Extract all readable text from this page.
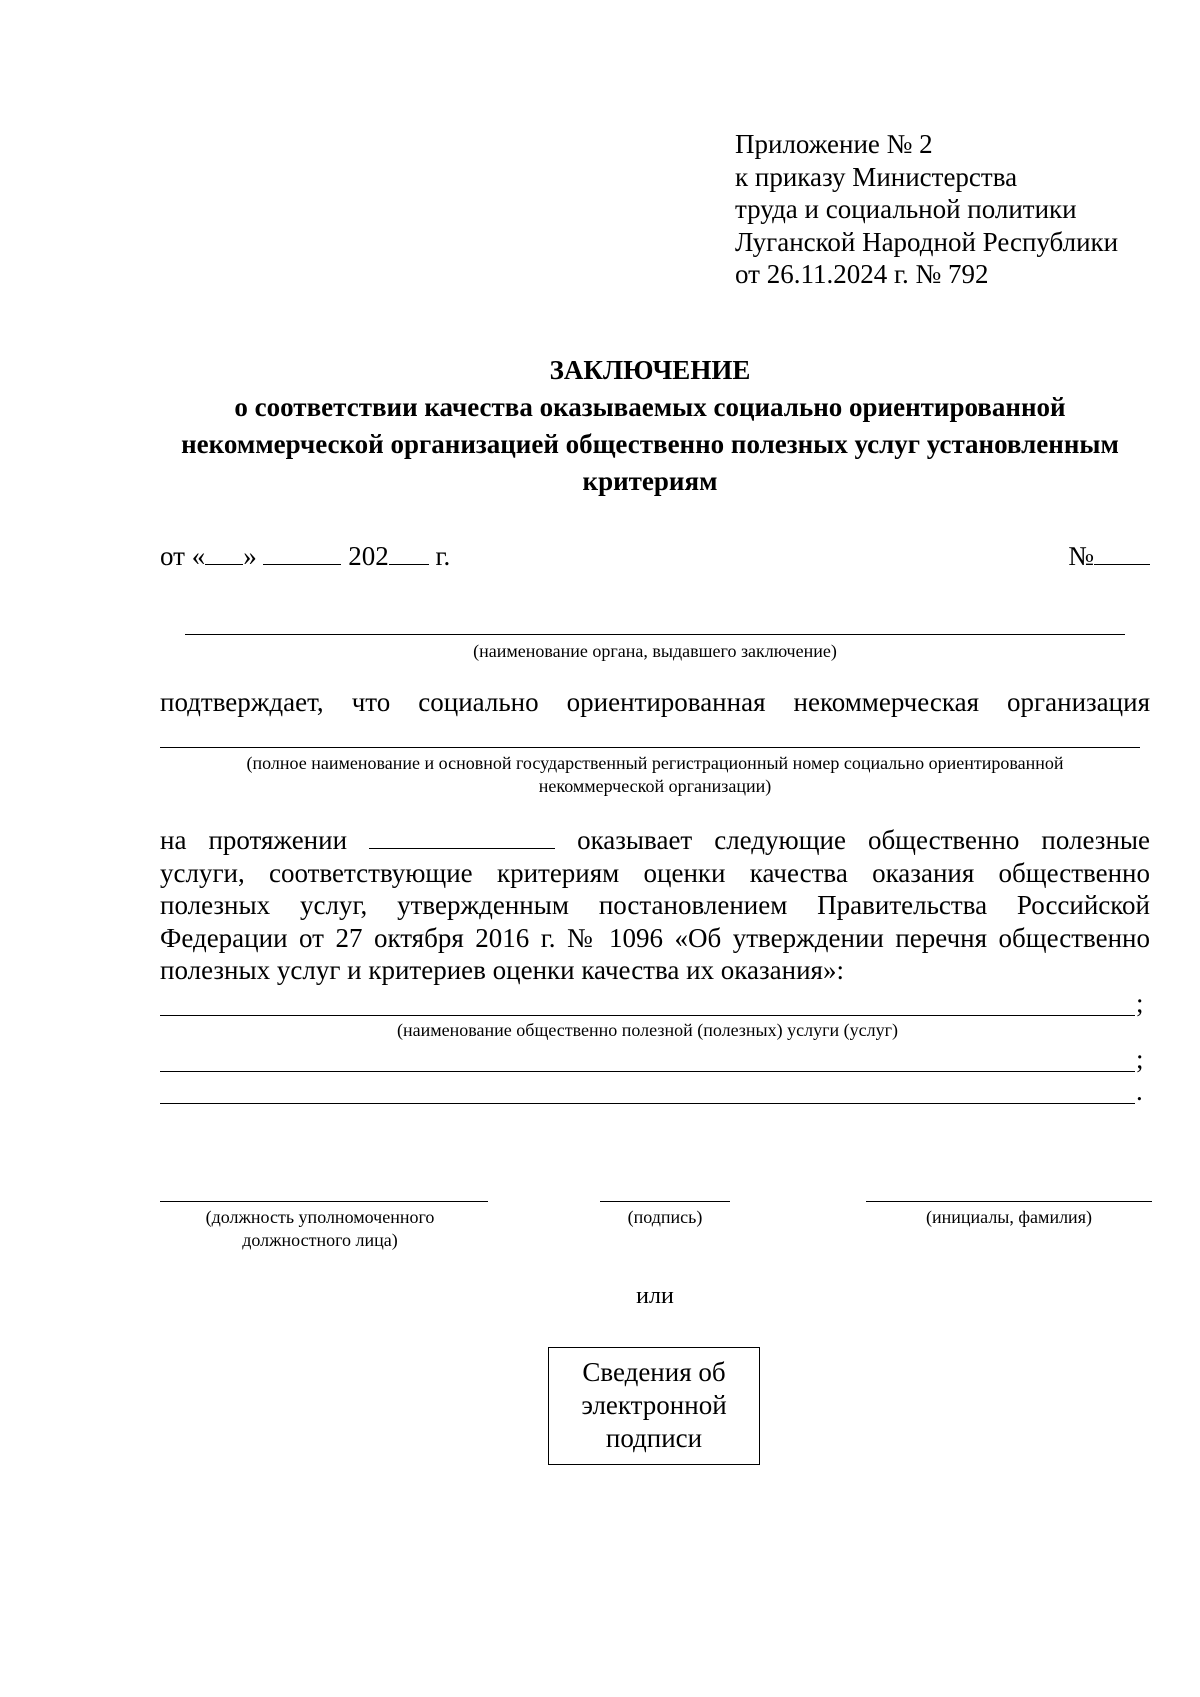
Приложение № 2
к приказу Министерства
труда и социальной политики
Луганской Народной Республики
от 26.11.2024 г. № 792
ЗАКЛЮЧЕНИЕ
о соответствии качества оказываемых социально ориентированной
некоммерческой организацией общественно полезных услуг установленным
критериям
от « »	202 г.	№
(наименование органа, выдавшего заключение)
подтверждает, что социально ориентированная некоммерческая организация
(полное наименование и основной государственный регистрационный номер социально ориентированной
некоммерческой организации)
на протяжении	оказывает следующие общественно полезные
услуги, соответствующие критериям оценки качества оказания общественно полезных услуг, утвержденным постановлением Правительства Российской Федерации от 27 октября 2016 г. № 1096 «Об утверждении перечня общественно полезных услуг и критериев оценки качества их оказания»:
;
(наименование общественно полезной (полезных) услуги (услуг)
;
.
(должность уполномоченного
должностного лица)
(подпись)	(инициалы, фамилия)
или
Сведения об
электронной
подписи
